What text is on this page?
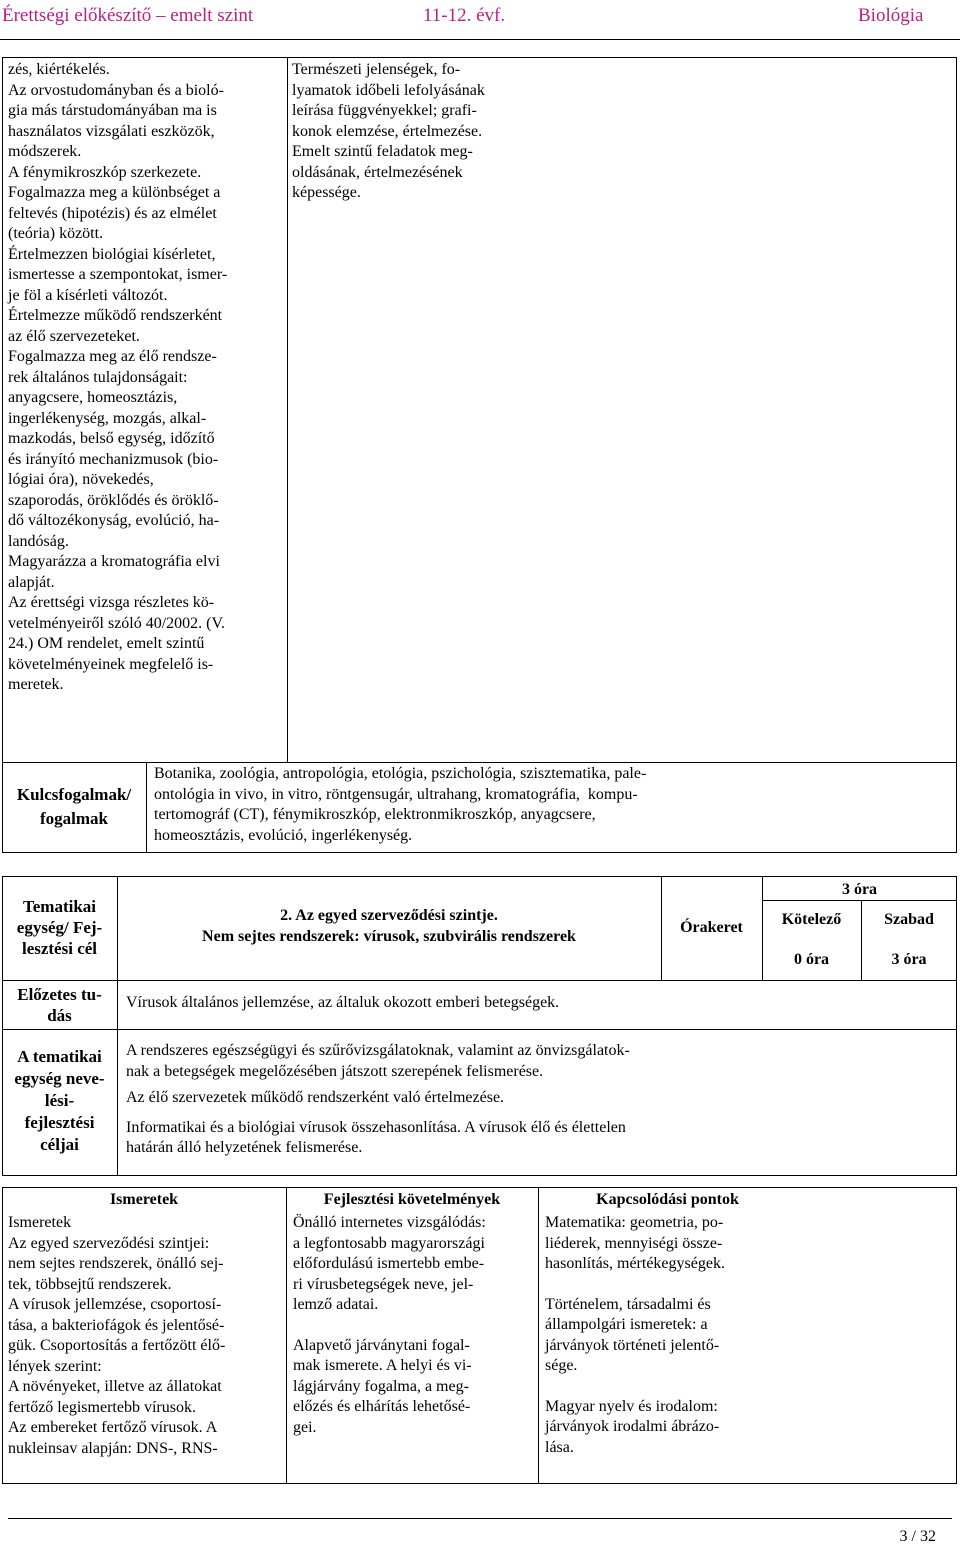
Érettségi előkészítő – emelt szint	11-12. évf.	Biológia
zés, kiértékelés.
Az orvostudományban és a bioló-
gia más társtudományában ma is
használatos vizsgálati eszközök,
módszerek.
A fénymikroszkóp szerkezete.
Fogalmazza meg a különbséget a
feltevés (hipotézis) és az elmélet
(teória) között.
Értelmezzen biológiai kísérletet,
ismertesse a szempontokat, ismer-
je föl a kísérleti változót.
Értelmezze működő rendszerként
az élő szervezeteket.
Fogalmazza meg az élő rendsze-
rek általános tulajdonságait:
anyagcsere, homeosztázis,
ingerlékenység, mozgás, alkal-
mazkodás, belső egység, időzítő
és irányító mechanizmusok (bio-
lógiai óra), növekedés,
szaporodás, öröklődés és öröklő-
dő változékonyság, evolúció, ha-
landóság.
Magyarázza a kromatográfia elvi
alapját.
Az érettségi vizsga részletes kö-
vetelményeiről szóló 40/2002. (V.
24.) OM rendelet, emelt szintű
követelményeinek megfelelő is-
meretek.
Természeti jelenségek, fo-
lyamatok időbeli lefolyásának
leírása függvényekkel; grafi-
konok elemzése, értelmezése.
Emelt szintű feladatok meg-
oldásának, értelmezésének
képessége.
Kulcsfogalmak/
fogalmak
Botanika, zoológia, antropológia, etológia, pszichológia, szisztematika, pale-
ontológia in vivo, in vitro, röntgensugár, ultrahang, kromatográfia,  kompu-
tertomográf (CT), fénymikroszkóp, elektronmikroszkóp, anyagcsere,
homeosztázis, evolúció, ingerlékenység.
Tematikai
egység/ Fej-
lesztési cél
2. Az egyed szerveződési szintje.
Nem sejtes rendszerek: vírusok, szubvirális rendszerek	Órakeret
3 óra
Kötelező	Szabad
0 óra	3 óra
Előzetes tu-
dás
Vírusok általános jellemzése, az általuk okozott emberi betegségek.
A tematikai
egység neve-
lési-
fejlesztési
céljai
A rendszeres egészségügyi és szűrővizsgálatoknak, valamint az önvizsgálatok-
nak a betegségek megelőzésében játszott szerepének felismerése.
Az élő szervezetek működő rendszerként való értelmezése.
Informatikai és a biológiai vírusok összehasonlítása. A vírusok élő és élettelen
határán álló helyzetének felismerése.
Ismeretek	Fejlesztési követelmények	Kapcsolódási pontok
Ismeretek
Az egyed szerveződési szintjei:
nem sejtes rendszerek, önálló sej-
tek, többsejtű rendszerek.
A vírusok jellemzése, csoportosí-
tása, a bakteriofágok és jelentősé-
gük. Csoportosítás a fertőzött élő-
lények szerint:
A növényeket, illetve az állatokat
fertőző legismertebb vírusok.
Az embereket fertőző vírusok. A
nukleinsav alapján: DNS-, RNS-
Önálló internetes vizsgálódás:
a legfontosabb magyarországi
előfordulású ismertebb embe-
ri vírusbetegségek neve, jel-
lemző adatai.
Alapvető járványtani fogal-
mak ismerete. A helyi és vi-
lágjárvány fogalma, a meg-
előzés és elhárítás lehetősé-
gei.
Matematika: geometria, po-
liéderek, mennyiségi össze-
hasonlítás, mértékegységek.
Történelem, társadalmi és
állampolgári ismeretek: a
járványok történeti jelentő-
sége.
Magyar nyelv és irodalom:
járványok irodalmi ábrázo-
lása.
3 / 32
